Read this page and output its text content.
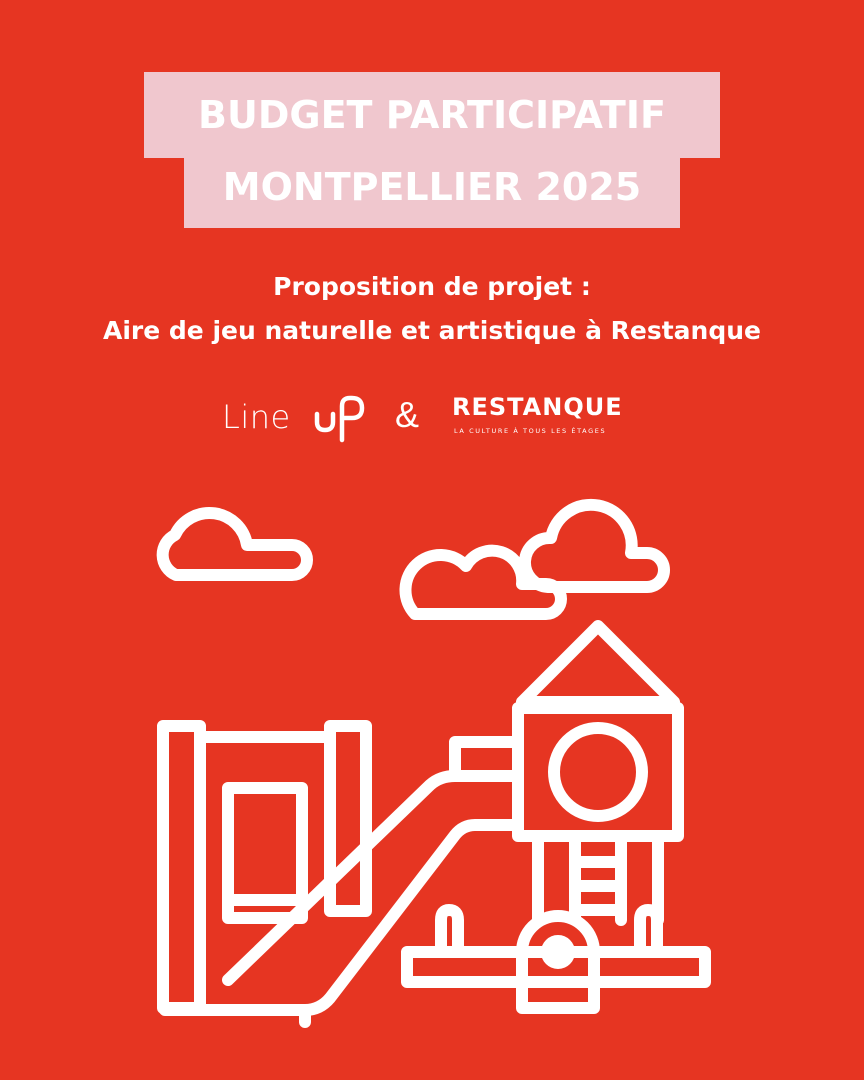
BUDGET PARTICIPATIF
MONTPELLIER 2025
Proposition de projet :
Aire de jeu naturelle et artistique à Restanque
Line	& RESTANQUE
LA CULTURE À TOUS LES ÉTAGES
